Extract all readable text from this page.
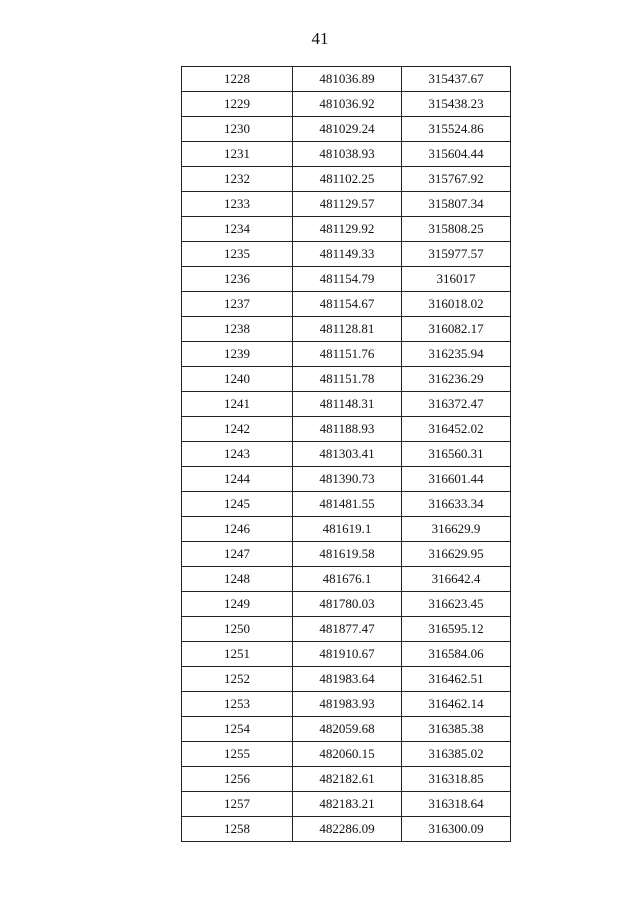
41
1228	481036.89	315437.67
1229	481036.92	315438.23
1230	481029.24	315524.86
1231	481038.93	315604.44
1232	481102.25	315767.92
1233	481129.57	315807.34
1234	481129.92	315808.25
1235	481149.33	315977.57
1236	481154.79	316017
1237	481154.67	316018.02
1238	481128.81	316082.17
1239	481151.76	316235.94
1240	481151.78	316236.29
1241	481148.31	316372.47
1242	481188.93	316452.02
1243	481303.41	316560.31
1244	481390.73	316601.44
1245	481481.55	316633.34
1246	481619.1	316629.9
1247	481619.58	316629.95
1248	481676.1	316642.4
1249	481780.03	316623.45
1250	481877.47	316595.12
1251	481910.67	316584.06
1252	481983.64	316462.51
1253	481983.93	316462.14
1254	482059.68	316385.38
1255	482060.15	316385.02
1256	482182.61	316318.85
1257	482183.21	316318.64
1258	482286.09	316300.09
